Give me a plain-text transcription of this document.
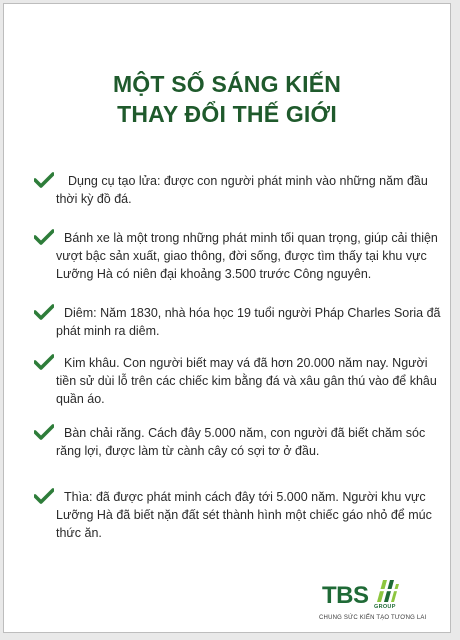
MỘT SỐ SÁNG KIẾN
THAY ĐỔI THẾ GIỚI
Dụng cụ tạo lửa: được con người phát minh vào những năm đầu thời kỳ đồ đá.
Bánh xe là một trong những phát minh tối quan trọng, giúp cải thiện vượt bậc sản xuất, giao thông, đời sống, được tìm thấy tại khu vực Lưỡng Hà có niên đại khoảng 3.500 trước Công nguyên.
Diêm: Năm 1830, nhà hóa học 19 tuổi người Pháp Charles Soria đã phát minh ra diêm.
Kim khâu. Con người biết may vá đã hơn 20.000 năm nay. Người tiền sử dùi lỗ trên các chiếc kim bằng đá và xâu gân thú vào để khâu quần áo.
Bàn chải răng. Cách đây 5.000 năm, con người đã biết chăm sóc răng lợi, được làm từ cành cây có sợi tơ ở đầu.
Thìa: đã được phát minh cách đây tới 5.000 năm. Người khu vực Lưỡng Hà đã biết nặn đất sét thành hình một chiếc gáo nhỏ để múc thức ăn.
TBS GROUP
CHUNG SỨC KIẾN TẠO TƯƠNG LAI
